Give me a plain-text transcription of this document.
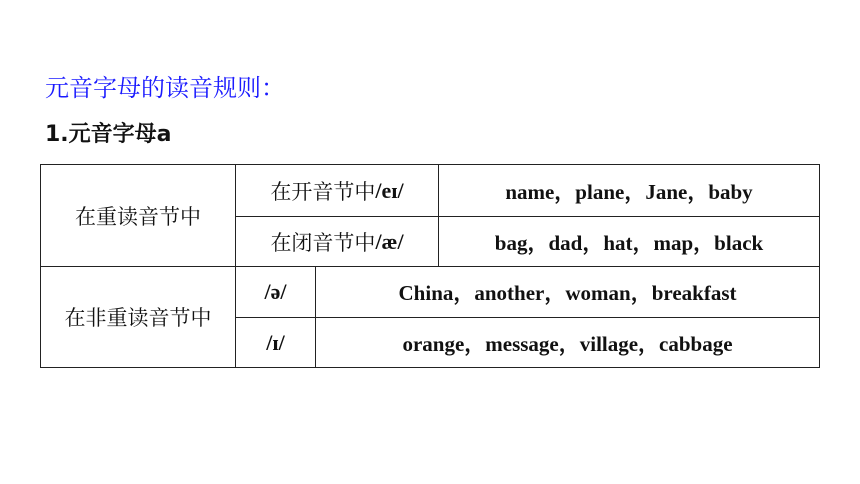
元音字母的读音规则：
1.元音字母a
在重读音节中
在开音节中 /eɪ/	name，plane，Jane，baby
在闭音节中 /æ/	bag，dad，hat，map，black
在非重读音节中
/ə/	China，another，woman，breakfast
/ɪ/	orange，message，village，cabbage
